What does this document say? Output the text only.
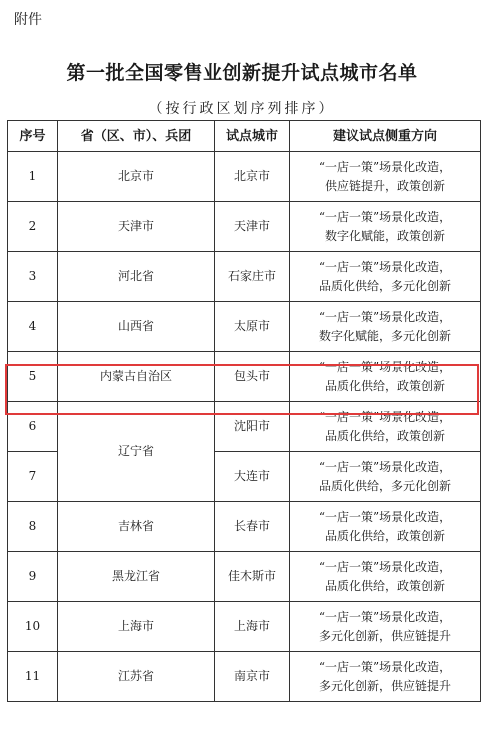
附件
第一批全国零售业创新提升试点城市名单
（按行政区划序列排序）
序号	省（区、市）、兵团	试点城市	建议试点侧重方向
1	北京市	北京市	“一店一策”场景化改造，
供应链提升，政策创新
2	天津市	天津市	“一店一策”场景化改造，
数字化赋能，政策创新
3	河北省	石家庄市	“一店一策”场景化改造，
品质化供给，多元化创新
4	山西省	太原市	“一店一策”场景化改造，
数字化赋能，多元化创新
5	内蒙古自治区	包头市	“一店一策”场景化改造，
品质化供给，政策创新
6	辽宁省	沈阳市	“一店一策”场景化改造，
品质化供给，政策创新
7		大连市	“一店一策”场景化改造，
品质化供给，多元化创新
8	吉林省	长春市	“一店一策”场景化改造，
品质化供给，政策创新
9	黑龙江省	佳木斯市	“一店一策”场景化改造，
品质化供给，政策创新
10	上海市	上海市	“一店一策”场景化改造，
多元化创新，供应链提升
11	江苏省	南京市	“一店一策”场景化改造，
多元化创新，供应链提升
